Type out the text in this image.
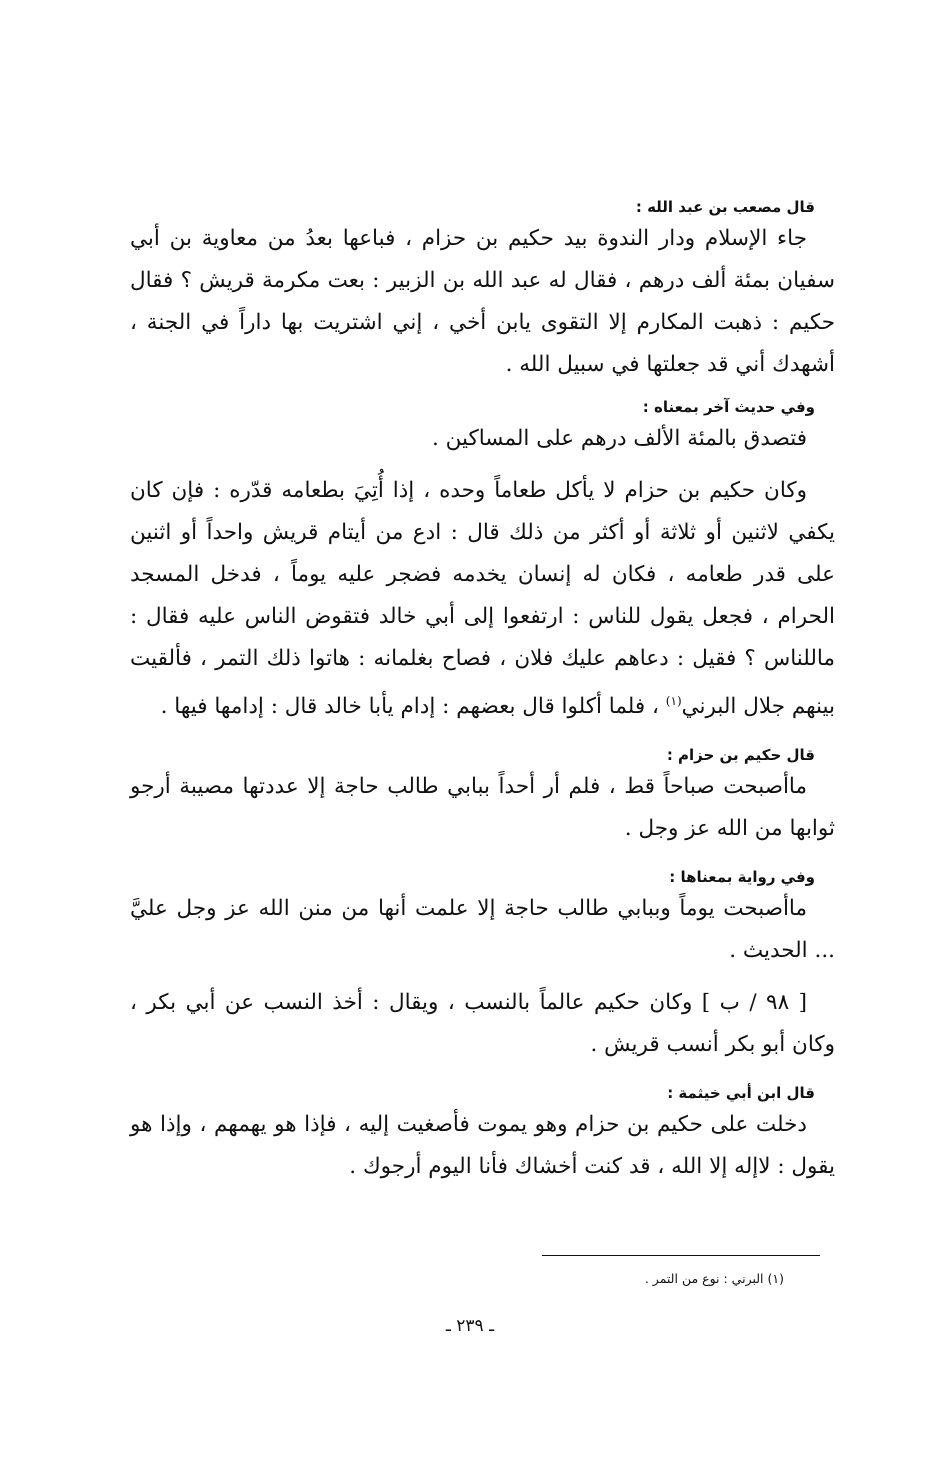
قال مصعب بن عبد الله :

جاء الإسلام ودار الندوة بيد حكيم بن حزام ، فباعها بعدُ من معاوية بن أبي سفيان بمئة ألف درهم ، فقال له عبد الله بن الزبير : بعت مكرمة قريش ؟ فقال حكيم : ذهبت المكارم إلا التقوى يابن أخي ، إني اشتريت بها داراً في الجنة ، أشهدك أني قد جعلتها في سبيل الله .

وفي حديث آخر بمعناه :

فتصدق بالمئة الألف درهم على المساكين .

وكان حكيم بن حزام لا يأكل طعاماً وحده ، إذا أُتِيَ بطعامه قدّره : فإن كان يكفي لاثنين أو ثلاثة أو أكثر من ذلك قال : ادع من أيتام قريش واحداً أو اثنين على قدر طعامه ، فكان له إنسان يخدمه فضجر عليه يوماً ، فدخل المسجد الحرام ، فجعل يقول للناس : ارتفعوا إلى أبي خالد فتقوض الناس عليه فقال : ماللناس ؟ فقيل : دعاهم عليك فلان ، فصاح بغلمانه : هاتوا ذلك التمر ، فألقيت بينهم جلال البرني$^{(١)}$ ، فلما أكلوا قال بعضهم : إدام يأبا خالد قال : إدامها فيها .

قال حكيم بن حزام :

ماأصبحت صباحاً قط ، فلم أر أحداً ببابي طالب حاجة إلا عددتها مصيبة أرجو ثوابها من الله عز وجل .

وفي رواية بمعناها :

ماأصبحت يوماً وببابي طالب حاجة إلا علمت أنها من منن الله عز وجل عليَّ ... الحديث .

[ ٩٨ / ب ] وكان حكيم عالماً بالنسب ، ويقال : أخذ النسب عن أبي بكر ، وكان أبو بكر أنسب قريش .

قال ابن أبي خيثمة :

دخلت على حكيم بن حزام وهو يموت فأصغيت إليه ، فإذا هو يهمهم ، وإذا هو يقول : لاإله إلا الله ، قد كنت أخشاك فأنا اليوم أرجوك .

(١) البرني : نوع من التمر .
ـ ٢٣٩ ـ
